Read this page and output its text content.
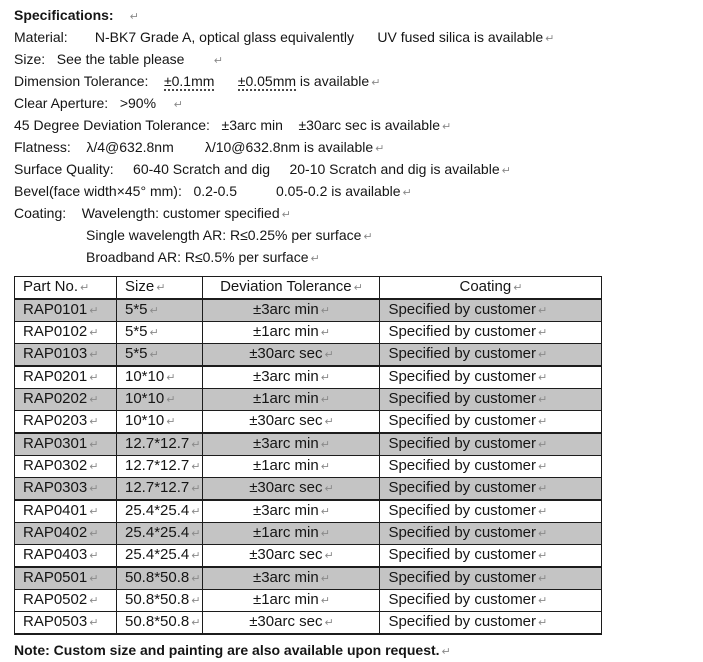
Specifications: ↵
Material:       N-BK7 Grade A, optical glass equivalently      UV fused silica is available ↵
Size:   See the table please       ↵
Dimension Tolerance:    ±0.1mm ±0.05mm is available ↵
Clear Aperture:   >90%    ↵
45 Degree Deviation Tolerance:   ±3arc min    ±30arc sec is available ↵
Flatness:    λ/4@632.8nm        λ/10@632.8nm is available ↵
Surface Quality:     60-40 Scratch and dig     20-10 Scratch and dig is available ↵
Bevel(face width×45° mm):   0.2-0.5          0.05-0.2 is available ↵
Coating:    Wavelength: customer specified ↵
Single wavelength AR: R≤0.25% per surface ↵
Broadband AR: R≤0.5% per surface ↵
Part No. ↵	Size ↵	Deviation Tolerance ↵	Coating ↵
RAP0101 ↵	5*5 ↵	±3arc min ↵	Specified by customer ↵
RAP0102 ↵	5*5 ↵	±1arc min ↵	Specified by customer ↵
RAP0103 ↵	5*5 ↵	±30arc sec ↵	Specified by customer ↵
RAP0201 ↵	10*10 ↵	±3arc min ↵	Specified by customer ↵
RAP0202 ↵	10*10 ↵	±1arc min ↵	Specified by customer ↵
RAP0203 ↵	10*10 ↵	±30arc sec ↵	Specified by customer ↵
RAP0301 ↵	12.7*12.7 ↵	±3arc min ↵	Specified by customer ↵
RAP0302 ↵	12.7*12.7 ↵	±1arc min ↵	Specified by customer ↵
RAP0303 ↵	12.7*12.7 ↵	±30arc sec ↵	Specified by customer ↵
RAP0401 ↵	25.4*25.4 ↵	±3arc min ↵	Specified by customer ↵
RAP0402 ↵	25.4*25.4 ↵	±1arc min ↵	Specified by customer ↵
RAP0403 ↵	25.4*25.4 ↵	±30arc sec ↵	Specified by customer ↵
RAP0501 ↵	50.8*50.8 ↵	±3arc min ↵	Specified by customer ↵
RAP0502 ↵	50.8*50.8 ↵	±1arc min ↵	Specified by customer ↵
RAP0503 ↵	50.8*50.8 ↵	±30arc sec ↵	Specified by customer ↵
Note: Custom size and painting are also available upon request. ↵
